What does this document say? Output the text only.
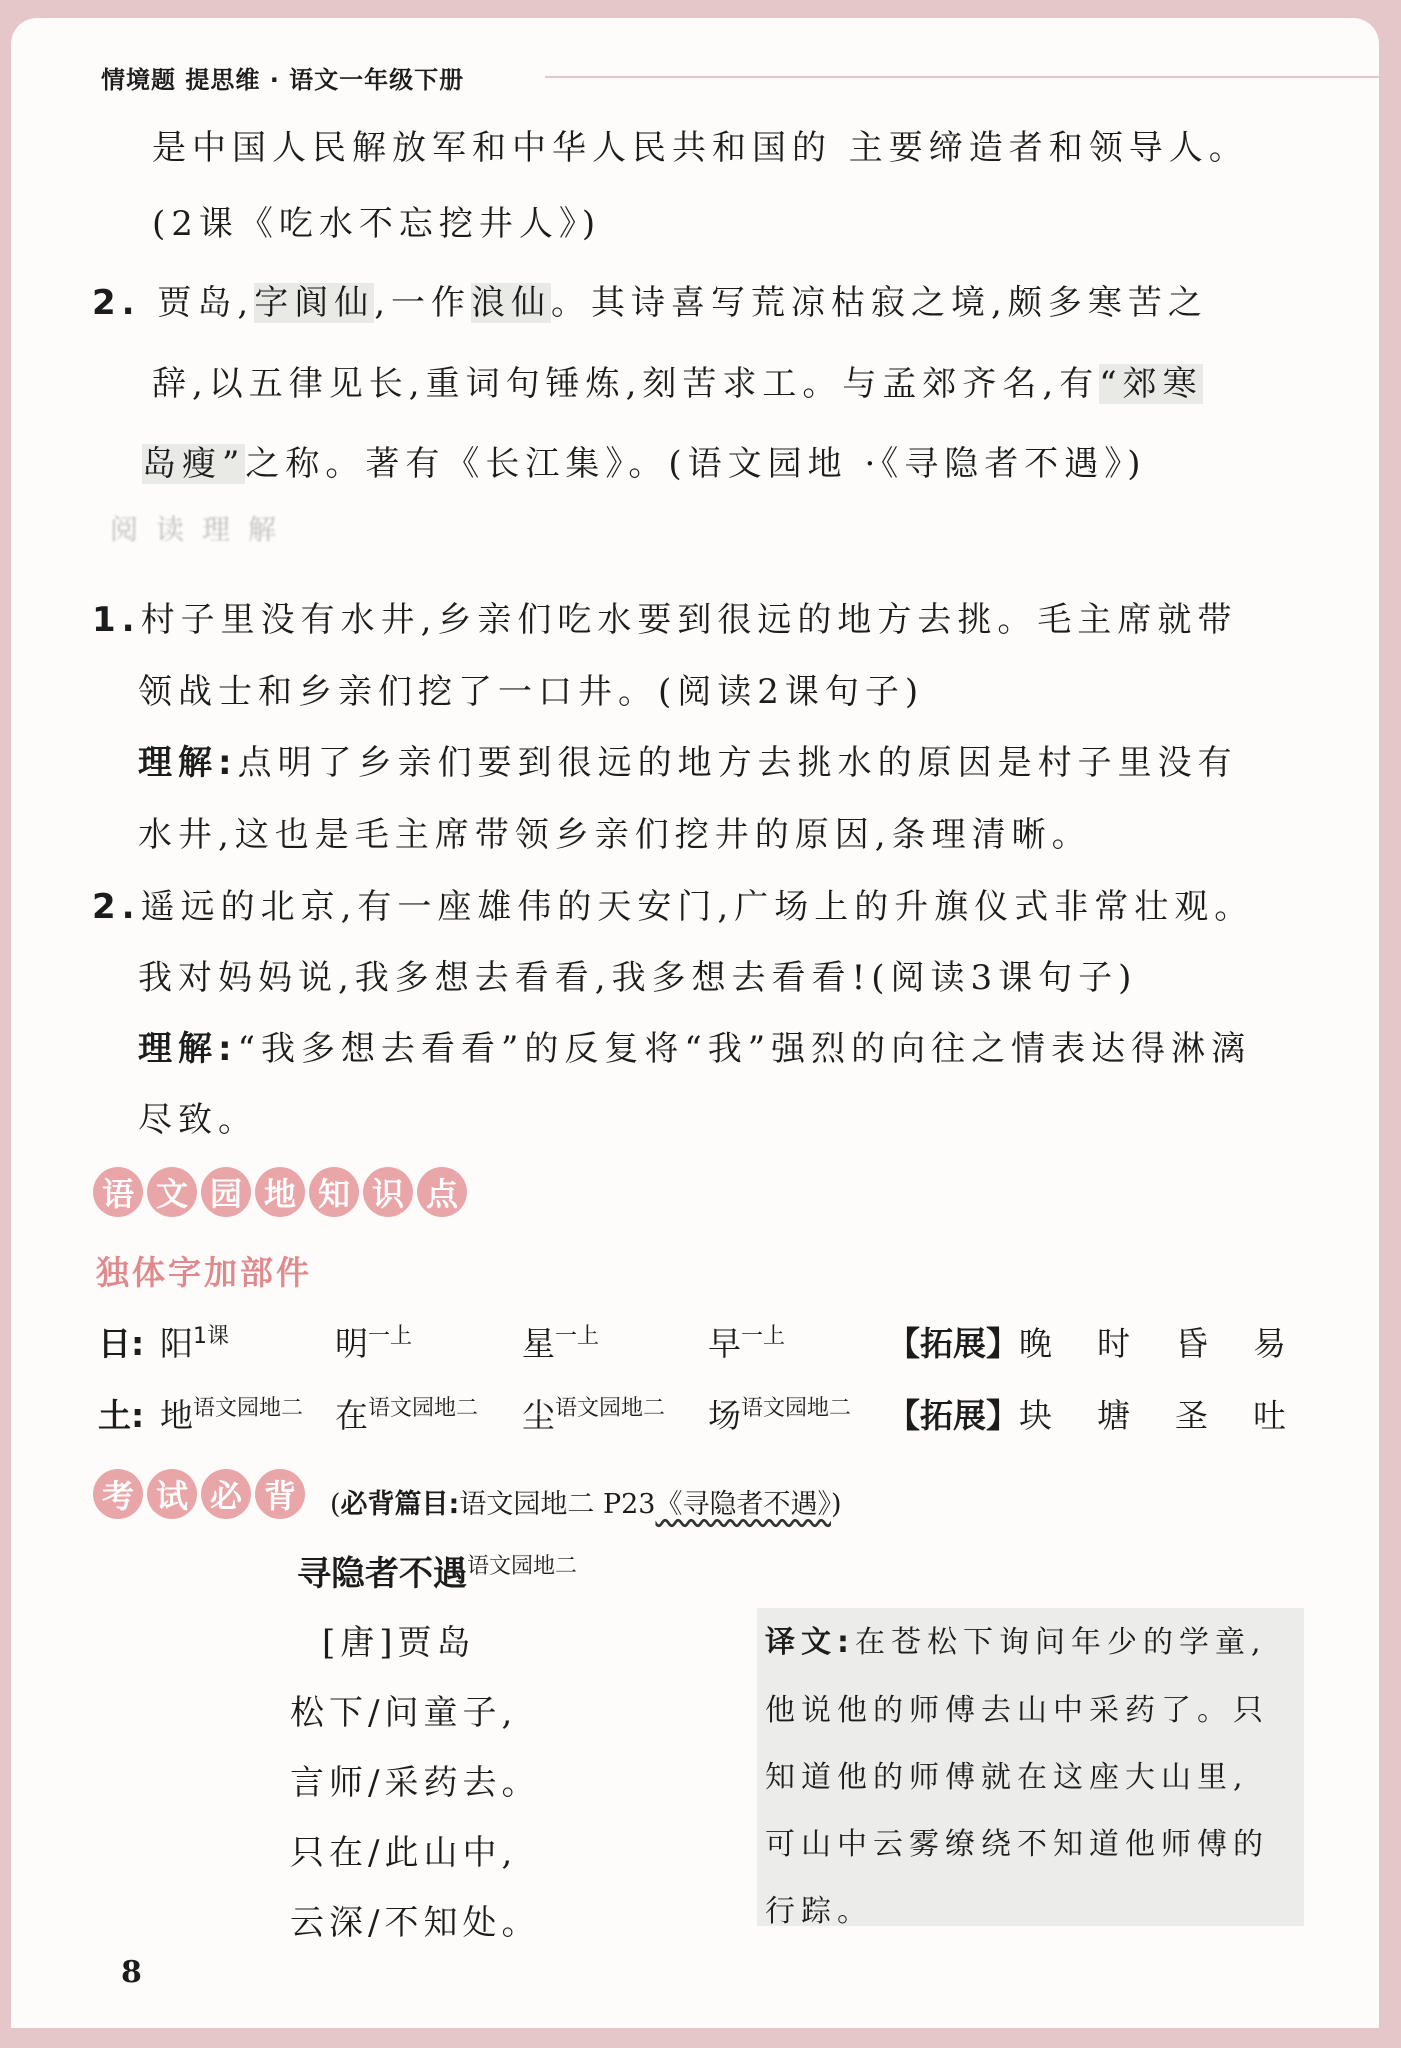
情境题 提思维 · 语文一年级下册
是中国人民解放军和中华人民共和国的 主要缔造者和领导人。
(2课《吃水不忘挖井人》)
2. 贾岛,字阆仙,一作浪仙。其诗喜写荒凉枯寂之境,颇多寒苦之
辞,以五律见长,重词句锤炼,刻苦求工。与孟郊齐名,有“郊寒
岛瘦”之称。著有《长江集》。(语文园地 ·《寻隐者不遇》)
阅读理解
1.村子里没有水井,乡亲们吃水要到很远的地方去挑。毛主席就带
领战士和乡亲们挖了一口井。(阅读2课句子)
理解:点明了乡亲们要到很远的地方去挑水的原因是村子里没有
水井,这也是毛主席带领乡亲们挖井的原因,条理清晰。
2.遥远的北京,有一座雄伟的天安门,广场上的升旗仪式非常壮观。
我对妈妈说,我多想去看看,我多想去看看!(阅读3课句子)
理解:“我多想去看看”的反复将“我”强烈的向往之情表达得淋漓
尽致。
语 文 园 地 知 识 点
独体字加部件
日: 阳$^{1课}$	明$^{一上}$	星$^{一上}$	早$^{一上}$	【拓展】晚  时  昏  易
土: 地$^{语文园地二}$ 在$^{语文园地二}$ 尘$^{语文园地二}$ 场$^{语文园地二}$ 【拓展】块  塘  圣  吐
考 试 必 背	(必背篇目:语文园地二 P23《寻隐者不遇》)
寻隐者不遇$^{语文园地二}$
[唐]贾岛
松下/问童子,
言师/采药去。
只在/此山中,
云深/不知处。
译文:在苍松下询问年少的学童,
他说他的师傅去山中采药了。只
知道他的师傅就在这座大山里,
可山中云雾缭绕不知道他师傅的
行踪。
8
